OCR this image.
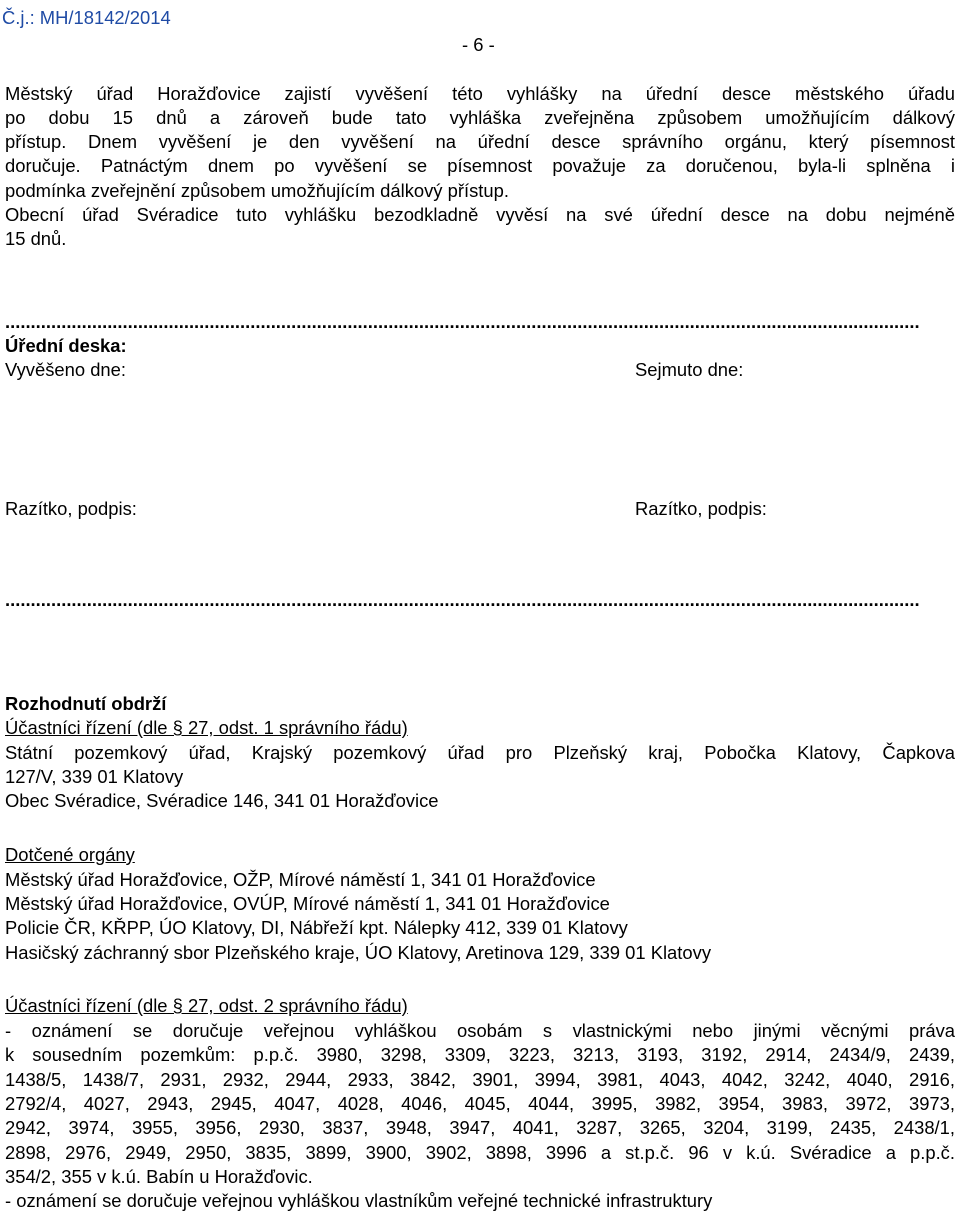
Č.j.: MH/18142/2014
- 6 -
Městský úřad Horažďovice zajistí vyvěšení této vyhlášky na úřední desce městského úřadu
po dobu 15 dnů a zároveň bude tato vyhláška zveřejněna způsobem umožňujícím dálkový
přístup. Dnem vyvěšení je den vyvěšení na úřední desce správního orgánu, který písemnost
doručuje. Patnáctým dnem po vyvěšení se písemnost považuje za doručenou, byla-li splněna i
podmínka zveřejnění způsobem umožňujícím dálkový přístup.
Obecní úřad Svéradice tuto vyhlášku bezodkladně vyvěsí na své úřední desce na dobu nejméně
15 dnů.
...................................................................................................................................................................................
Úřední deska:
Vyvěšeno dne:	Sejmuto dne:
Razítko, podpis:	Razítko, podpis:
...................................................................................................................................................................................
Rozhodnutí obdrží
Účastníci řízení (dle § 27, odst. 1 správního řádu)
Státní pozemkový úřad, Krajský pozemkový úřad pro Plzeňský kraj, Pobočka Klatovy, Čapkova
127/V, 339 01 Klatovy
Obec Svéradice, Svéradice 146, 341 01 Horažďovice
Dotčené orgány
Městský úřad Horažďovice, OŽP, Mírové náměstí 1, 341 01 Horažďovice
Městský úřad Horažďovice, OVÚP, Mírové náměstí 1, 341 01 Horažďovice
Policie ČR, KŘPP, ÚO Klatovy, DI, Nábřeží kpt. Nálepky 412, 339 01 Klatovy
Hasičský záchranný sbor Plzeňského kraje, ÚO Klatovy, Aretinova 129, 339 01 Klatovy
Účastníci řízení (dle § 27, odst. 2 správního řádu)
- oznámení se doručuje veřejnou vyhláškou osobám s vlastnickými nebo jinými věcnými práva
k sousedním pozemkům: p.p.č. 3980, 3298, 3309, 3223, 3213, 3193, 3192, 2914, 2434/9, 2439,
1438/5, 1438/7, 2931, 2932, 2944, 2933, 3842, 3901, 3994, 3981, 4043, 4042, 3242, 4040, 2916,
2792/4, 4027, 2943, 2945, 4047, 4028, 4046, 4045, 4044, 3995, 3982, 3954, 3983, 3972, 3973,
2942, 3974, 3955, 3956, 2930, 3837, 3948, 3947, 4041, 3287, 3265, 3204, 3199, 2435, 2438/1,
2898, 2976, 2949, 2950, 3835, 3899, 3900, 3902, 3898, 3996 a st.p.č. 96 v k.ú. Svéradice a p.p.č.
354/2, 355 v k.ú. Babín u Horažďovic.
- oznámení se doručuje veřejnou vyhláškou vlastníkům veřejné technické infrastruktury
